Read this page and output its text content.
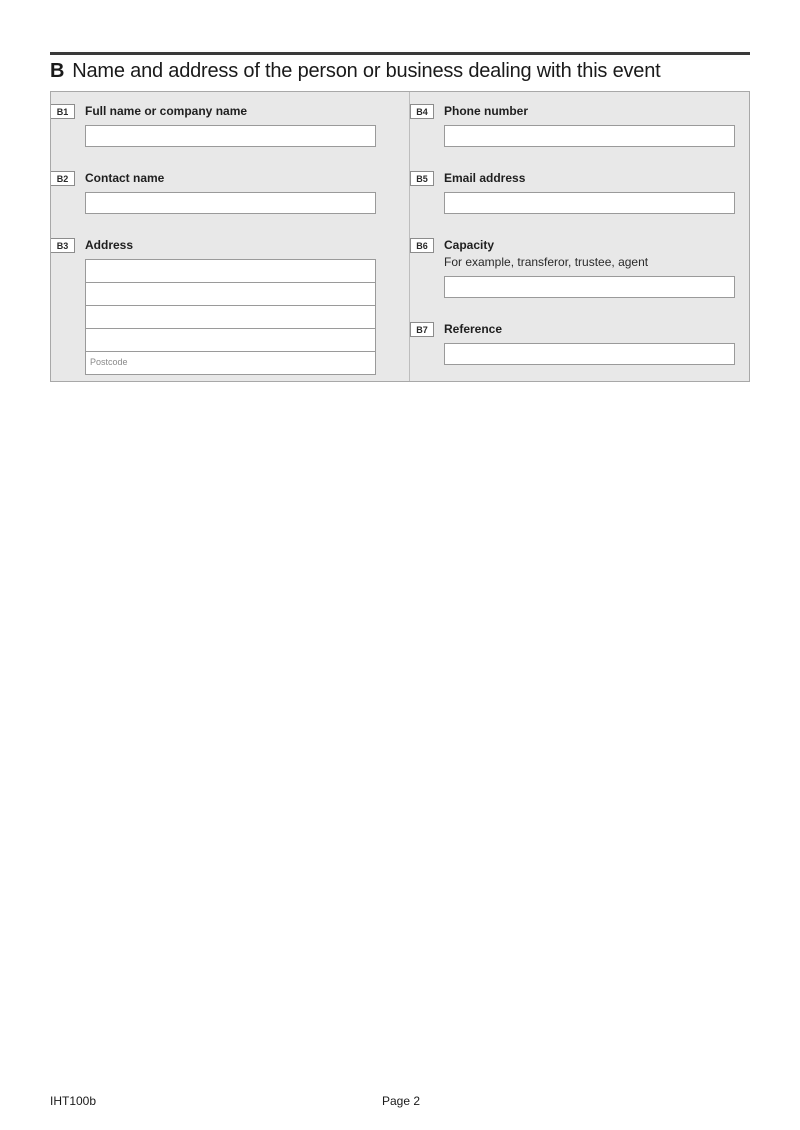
B Name and address of the person or business dealing with this event
B1	Full name or company name
B2	Contact name
B3	Address
Postcode
B4	Phone number
B5	Email address
B6	Capacity
For example, transferor, trustee, agent
B7	Reference
IHT100b	Page 2
